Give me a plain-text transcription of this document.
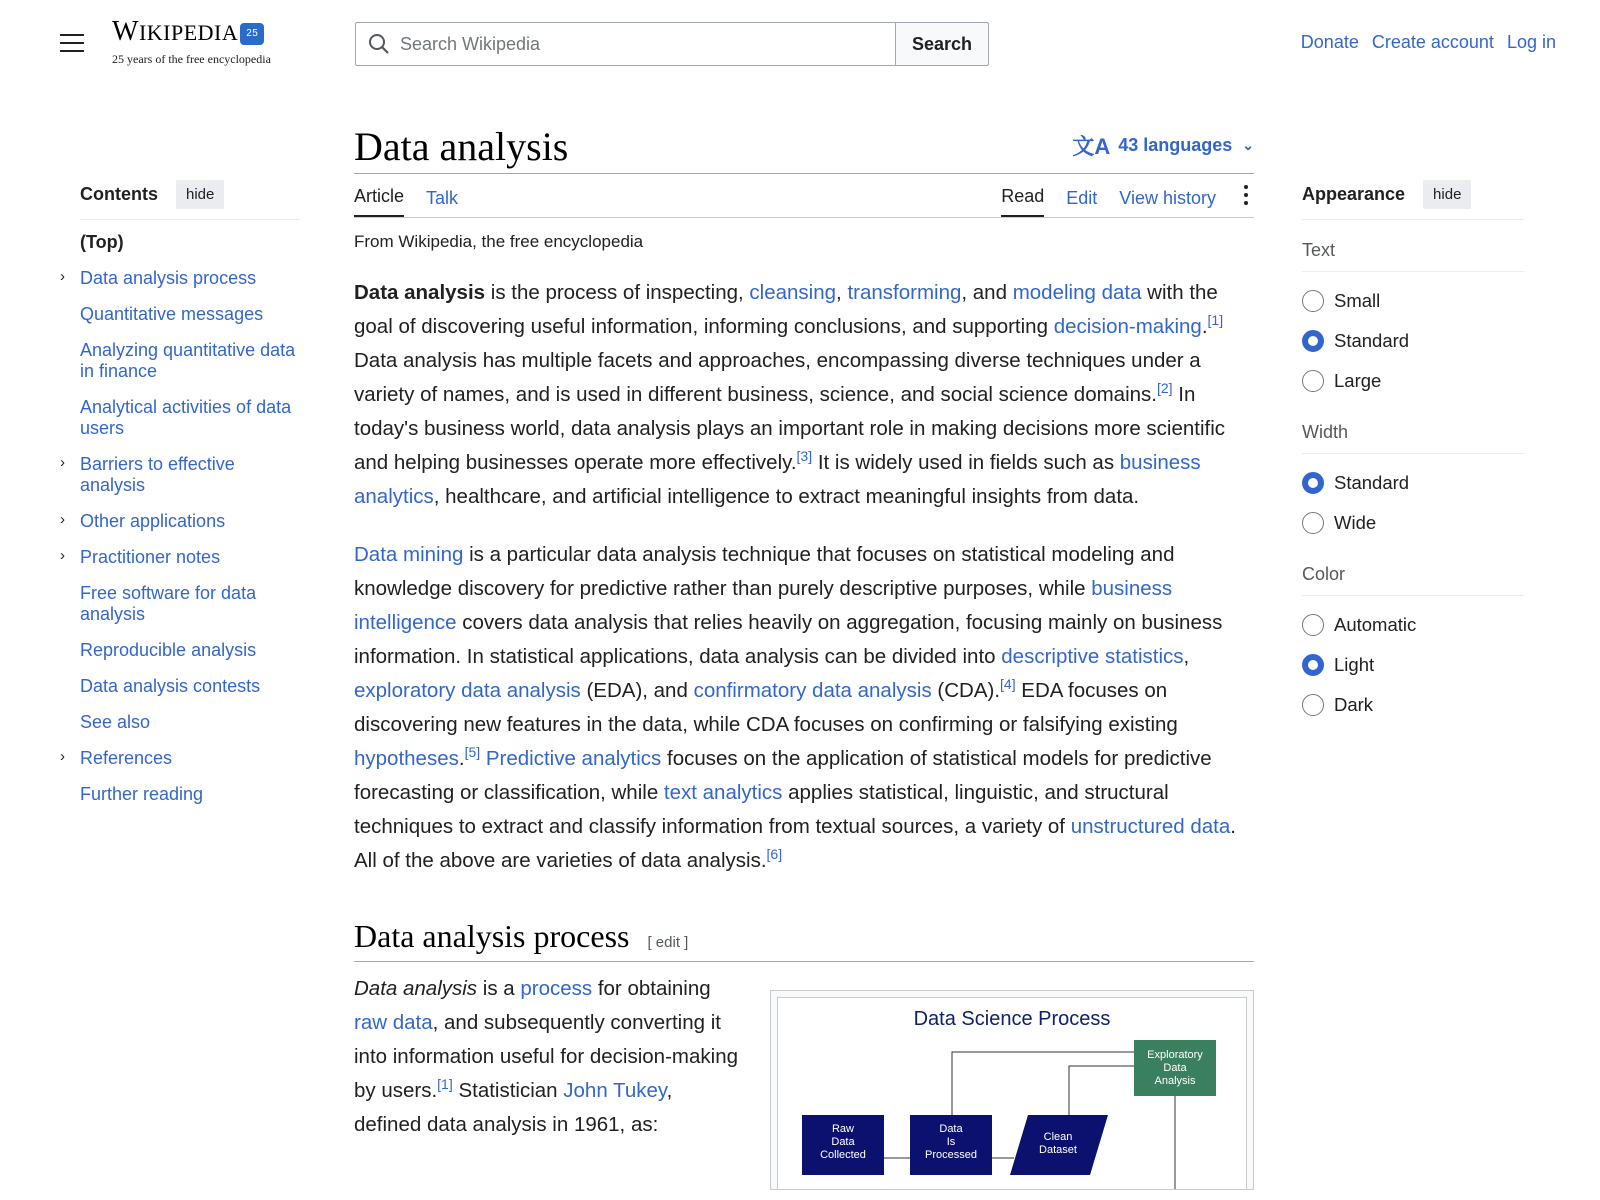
WIKIPEDIA 25
25 years of the free encyclopedia
Search Wikipedia
Search	Donate Create account Log in
Contents	hide
(Top)
› Data analysis process
Quantitative messages
Analyzing quantitative data in finance
Analytical activities of data users
› Barriers to effective analysis
› Other applications
› Practitioner notes
Free software for data analysis
Reproducible analysis
Data analysis contests
See also
› References
Further reading
Data analysis	文A 43 languages ⌄
Article Talk	Read Edit View history
From Wikipedia, the free encyclopedia

Data analysis is the process of inspecting, cleansing, transforming, and modeling data with the goal of discovering useful information, informing conclusions, and supporting decision-making.[1] Data analysis has multiple facets and approaches, encompassing diverse techniques under a variety of names, and is used in different business, science, and social science domains.[2] In today's business world, data analysis plays an important role in making decisions more scientific and helping businesses operate more effectively.[3] It is widely used in fields such as business analytics, healthcare, and artificial intelligence to extract meaningful insights from data.

Data mining is a particular data analysis technique that focuses on statistical modeling and knowledge discovery for predictive rather than purely descriptive purposes, while business intelligence covers data analysis that relies heavily on aggregation, focusing mainly on business information. In statistical applications, data analysis can be divided into descriptive statistics, exploratory data analysis (EDA), and confirmatory data analysis (CDA).[4] EDA focuses on discovering new features in the data, while CDA focuses on confirming or falsifying existing hypotheses.[5] Predictive analytics focuses on the application of statistical models for predictive forecasting or classification, while text analytics applies statistical, linguistic, and structural techniques to extract and classify information from textual sources, a variety of unstructured data. All of the above are varieties of data analysis.[6]

Data analysis process [ edit ]

Data analysis is a process for obtaining raw data, and subsequently converting it into information useful for decision-making by users.[1] Statistician John Tukey, defined data analysis in 1961, as:

Data Science Process
Raw Data Collected
Data Is Processed
Clean Dataset
Exploratory Data Analysis
Appearance	hide
Text
Small
Standard
Large
Width
Standard
Wide
Color
Automatic
Light
Dark
